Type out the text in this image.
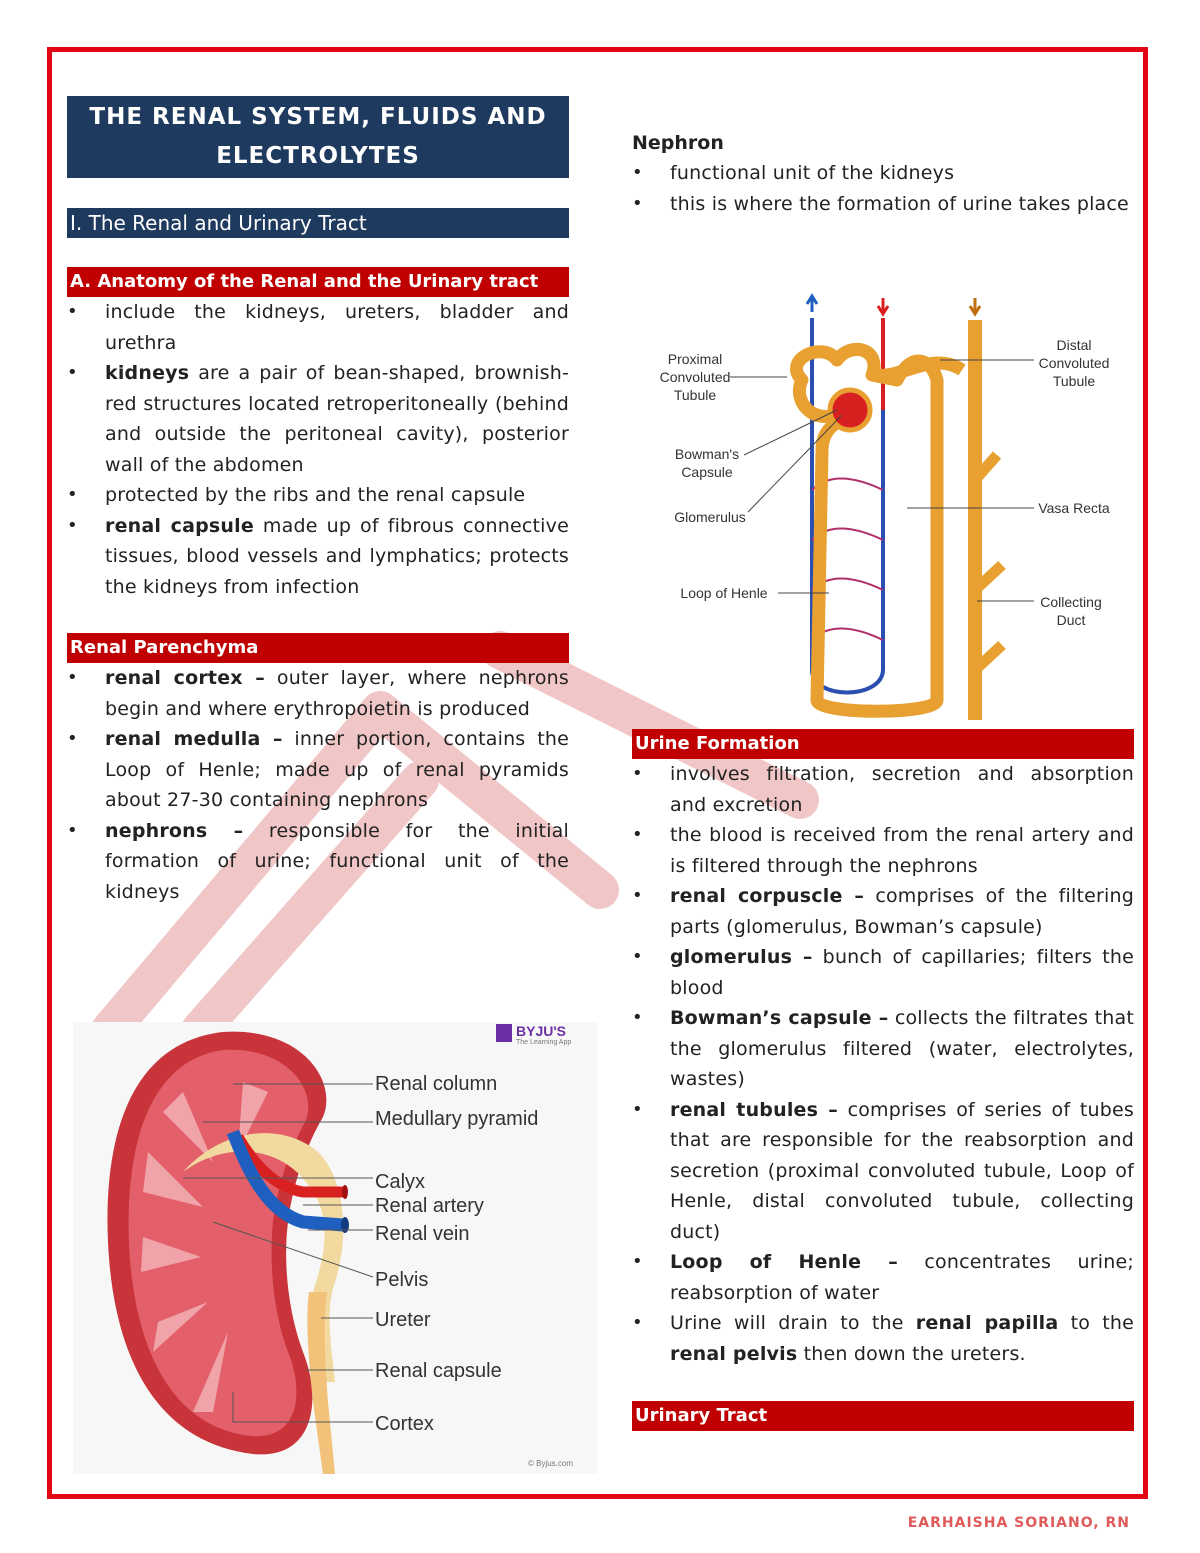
THE RENAL SYSTEM, FLUIDS AND
ELECTROLYTES
I. The Renal and Urinary Tract
A. Anatomy of the Renal and the Urinary tract
• include the kidneys, ureters, bladder and urethra
• kidneys are a pair of bean-shaped, brownish-red structures located retroperitoneally (behind and outside the peritoneal cavity), posterior wall of the abdomen
• protected by the ribs and the renal capsule
• renal capsule made up of fibrous connective tissues, blood vessels and lymphatics; protects the kidneys from infection
Renal Parenchyma
• renal cortex – outer layer, where nephrons begin and where erythropoietin is produced
• renal medulla – inner portion, contains the Loop of Henle; made up of renal pyramids about 27-30 containing nephrons
• nephrons – responsible for the initial formation of urine; functional unit of the kidneys
BYJU'S
The Learning App
Renal column
Medullary pyramid
Calyx
Renal artery
Renal vein
Pelvis
Ureter
Renal capsule
Cortex
© Byjus.com
Nephron
• functional unit of the kidneys
• this is where the formation of urine takes place
Proximal
Convoluted
Tubule
Bowman's
Capsule
Glomerulus
Loop of Henle
Distal
Convoluted
Tubule
Vasa Recta
Collecting
Duct
Urine Formation
• involves filtration, secretion and absorption and excretion
• the blood is received from the renal artery and is filtered through the nephrons
• renal corpuscle – comprises of the filtering parts (glomerulus, Bowman’s capsule)
• glomerulus – bunch of capillaries; filters the blood
• Bowman’s capsule – collects the filtrates that the glomerulus filtered (water, electrolytes, wastes)
• renal tubules – comprises of series of tubes that are responsible for the reabsorption and secretion (proximal convoluted tubule, Loop of Henle, distal convoluted tubule, collecting duct)
• Loop of Henle – concentrates urine; reabsorption of water
• Urine will drain to the renal papilla to the renal pelvis then down the ureters.
Urinary Tract
EARHAISHA SORIANO, RN
